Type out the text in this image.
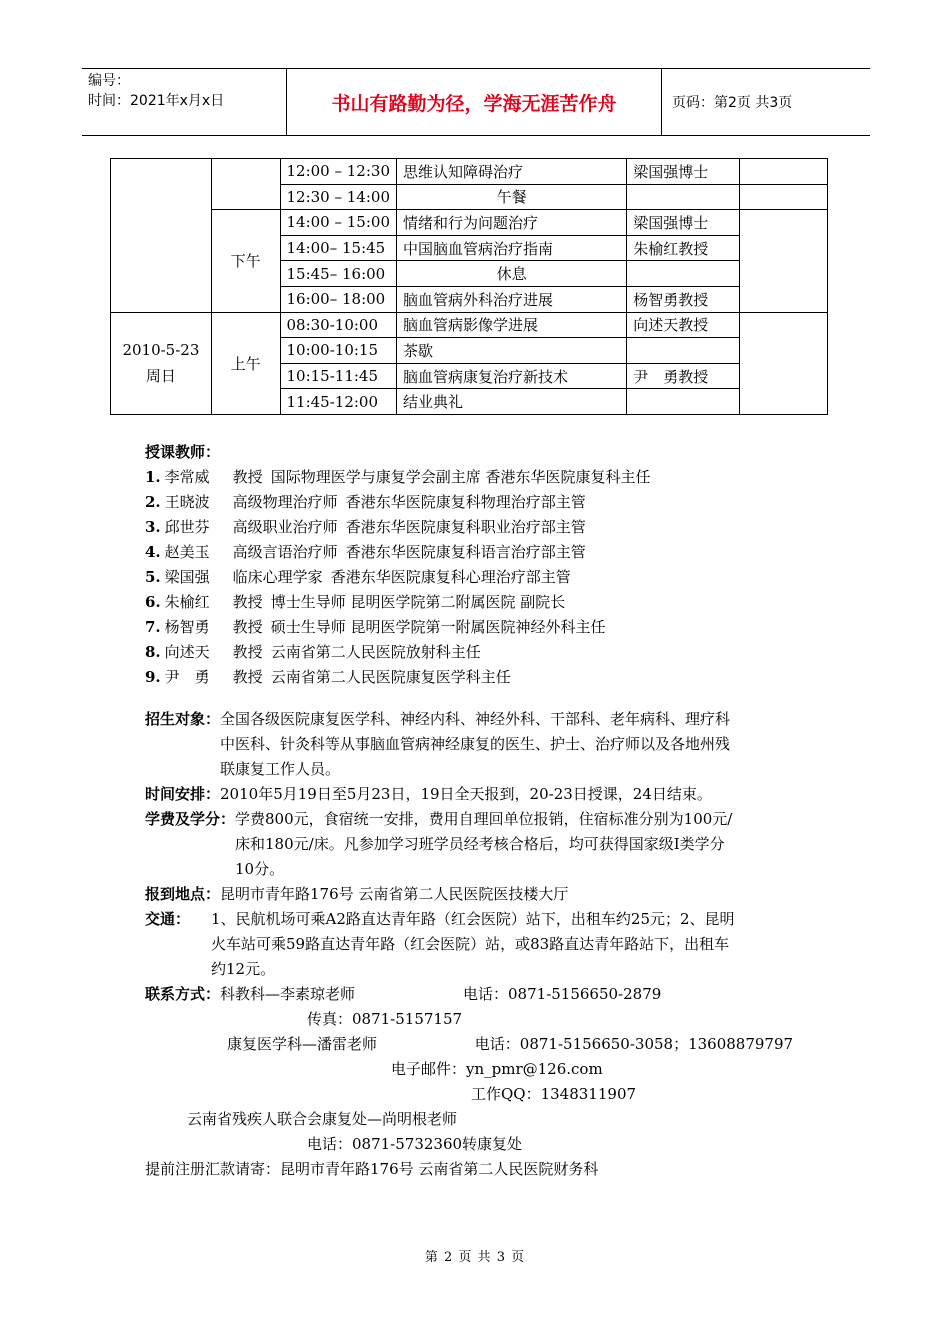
编号：
时间：2021年x月x日	书山有路勤为径，学海无涯苦作舟	页码：第2页 共3页
		12:00 – 12:30	思维认知障碍治疗	梁国强博士	
		12:30 – 14:00	午餐		
	下午	14:00 – 15:00	情绪和行为问题治疗	梁国强博士	
		14:00– 15:45	中国脑血管病治疗指南	朱榆红教授	
		15:45– 16:00	休息		
		16:00– 18:00	脑血管病外科治疗进展	杨智勇教授	

2010-5-23
周日	上午	08:30-10:00	脑血管病影像学进展	向述天教授	
		10:00-10:15	茶歇		
		10:15-11:45	脑血管病康复治疗新技术	尹　勇教授	
		11:45-12:00	结业典礼		
授课教师：
1. 李常威 教授 国际物理医学与康复学会副主席 香港东华医院康复科主任
2. 王晓波 高级物理治疗师 香港东华医院康复科物理治疗部主管
3. 邱世芬 高级职业治疗师 香港东华医院康复科职业治疗部主管
4. 赵美玉 高级言语治疗师 香港东华医院康复科语言治疗部主管
5. 梁国强 临床心理学家 香港东华医院康复科心理治疗部主管
6. 朱榆红 教授 博士生导师 昆明医学院第二附属医院 副院长
7. 杨智勇 教授 硕士生导师 昆明医学院第一附属医院神经外科主任
8. 向述天 教授 云南省第二人民医院放射科主任
9. 尹　勇 教授 云南省第二人民医院康复医学科主任
招生对象： 全国各级医院康复医学科、神经内科、神经外科、干部科、老年病科、理疗科
中医科、针灸科等从事脑血管病神经康复的医生、护士、治疗师以及各地州残
联康复工作人员。
时间安排： 2010年5月19日至5月23日，19日全天报到，20-23日授课，24日结束。
学费及学分： 学费800元，食宿统一安排，费用自理回单位报销，住宿标准分别为100元/
床和180元/床。凡参加学习班学员经考核合格后，均可获得国家级I类学分
10分。
报到地点： 昆明市青年路176号 云南省第二人民医院医技楼大厅
交通：	1、民航机场可乘A2路直达青年路（红会医院）站下，出租车约25元；2、昆明
火车站可乘59路直达青年路（红会医院）站，或83路直达青年路站下，出租车
约12元。
联系方式： 科教科—李素琼老师	电话：0871-5156650-2879
传真：0871-5157157
康复医学科—潘雷老师	电话：0871-5156650-3058；13608879797
电子邮件：yn_pmr@126.com
工作QQ：1348311907
云南省残疾人联合会康复处—尚明根老师
电话：0871-5732360转康复处
提前注册汇款请寄：昆明市青年路176号 云南省第二人民医院财务科
第 2 页 共 3 页
